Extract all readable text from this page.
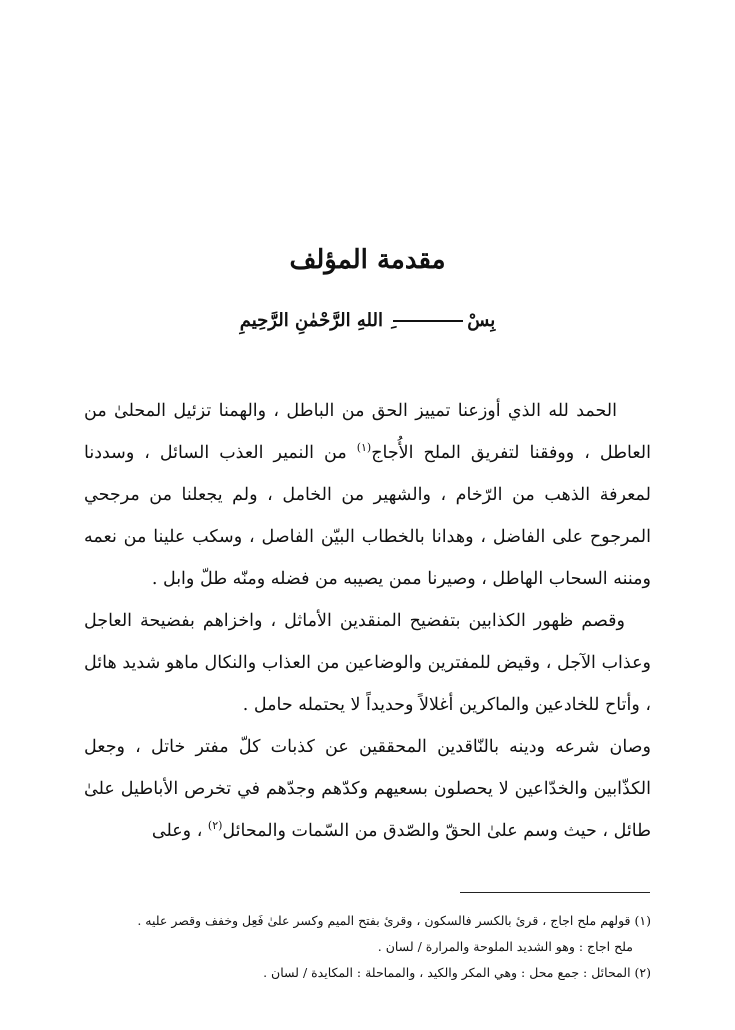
مقدمة المؤلف
بِسِْ اللهِ الرَّحْمٰنِ الرَّحِيمِ

الحمد لله الذي أوزعنا تمييز الحق من الباطل ، والهمنا تزئيل المحلىٰ من العاطل ، ووفقنا لتفريق الملح الأُجاج$^{(١)}$ من النمير العذب السائل ، وسددنا لمعرفة الذهب من الرّخام ، والشهير من الخامل ، ولم يجعلنا من مرجحي المرجوح على الفاضل ، وهدانا بالخطاب البيّن الفاصل ، وسكب علينا من نعمه ومننه السحاب الهاطل ، وصيرنا ممن يصيبه من فضله ومنّه طلّ وابل .

وقصم ظهور الكذابين بتفضيح المنقدين الأماثل ، واخزاهم بفضيحة العاجل وعذاب الآجل ، وقيض للمفترين والوضاعين من العذاب والنكال ماهو شديد هائل ، وأتاح للخادعين والماكرين أغلالاً وحديداً لا يحتمله حامل .

وصان شرعه ودينه بالنّاقدين المحققين عن كذبات كلّ مفتر خاتل ، وجعل الكذّابين والخدّاعين لا يحصلون بسعيهم وكدّهم وجدّهم في تخرص الأباطيل علىٰ طائل ، حيث وسم علىٰ الحقّ والصّدق من السّمات والمحائل$^{(٢)}$ ، وعلى

(١) قولهم ملح اجاج ، قرئ بالكسر فالسكون ، وقرئ بفتح الميم وكسر علىٰ فَعِل وخفف وقصر عليه .

ملح اجاج : وهو الشديد الملوحة والمرارة / لسان .

(٢) المحائل : جمع محل : وهي المكر والكيد ، والمماحلة : المكايدة / لسان .
